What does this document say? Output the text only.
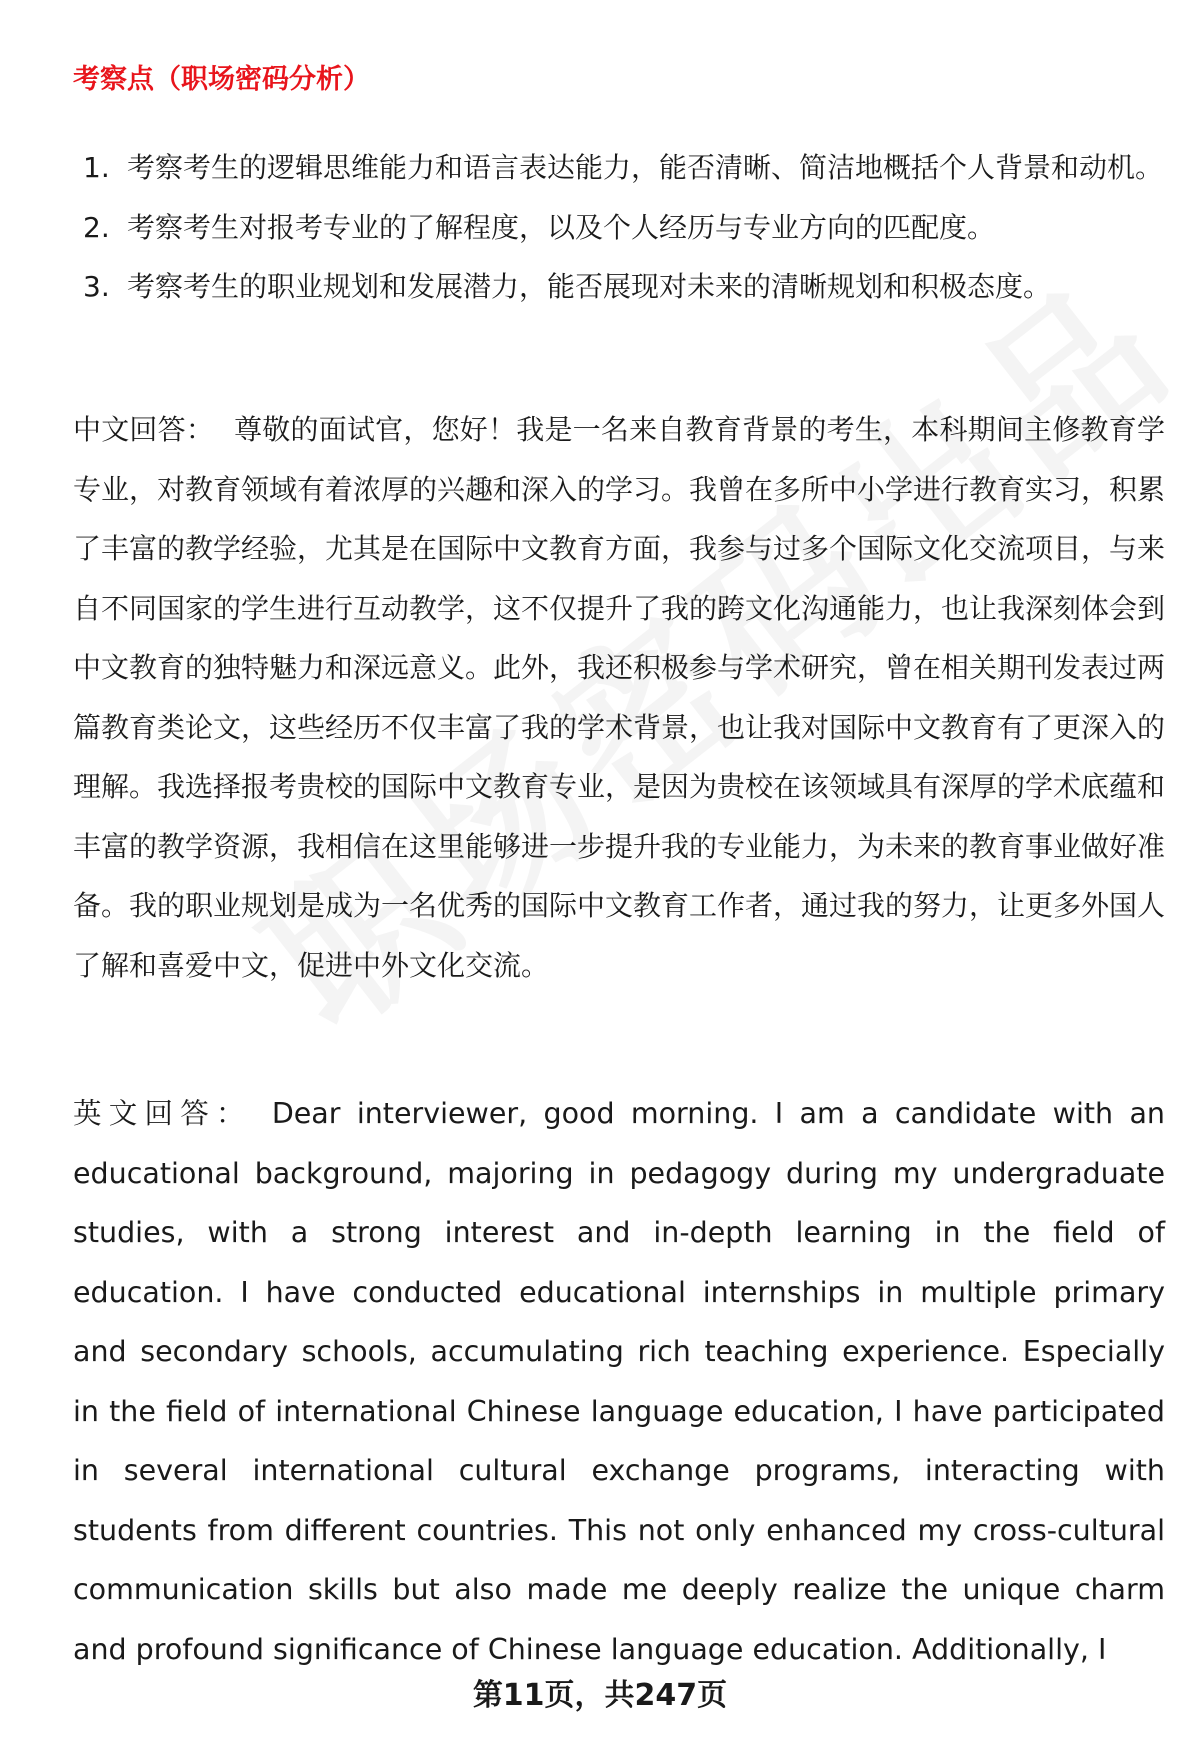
考察点（职场密码分析）
1. 考察考生的逻辑思维能力和语言表达能力，能否清晰、简洁地概括个人背景和动机。
2. 考察考生对报考专业的了解程度，以及个人经历与专业方向的匹配度。
3. 考察考生的职业规划和发展潜力，能否展现对未来的清晰规划和积极态度。

中文回答： 尊敬的面试官，您好！我是一名来自教育背景的考生，本科期间主修教育学专业，对教育领域有着浓厚的兴趣和深入的学习。我曾在多所中小学进行教育实习，积累了丰富的教学经验，尤其是在国际中文教育方面，我参与过多个国际文化交流项目，与来自不同国家的学生进行互动教学，这不仅提升了我的跨文化沟通能力，也让我深刻体会到中文教育的独特魅力和深远意义。此外，我还积极参与学术研究，曾在相关期刊发表过两篇教育类论文，这些经历不仅丰富了我的学术背景，也让我对国际中文教育有了更深入的理解。我选择报考贵校的国际中文教育专业，是因为贵校在该领域具有深厚的学术底蕴和丰富的教学资源，我相信在这里能够进一步提升我的专业能力，为未来的教育事业做好准备。我的职业规划是成为一名优秀的国际中文教育工作者，通过我的努力，让更多外国人了解和喜爱中文，促进中外文化交流。

英文回答： Dear interviewer, good morning. I am a candidate with an educational background, majoring in pedagogy during my undergraduate studies, with a strong interest and in-depth learning in the field of education. I have conducted educational internships in multiple primary and secondary schools, accumulating rich teaching experience. Especially in the field of international Chinese language education, I have participated in several international cultural exchange programs, interacting with students from different countries. This not only enhanced my cross-cultural communication skills but also made me deeply realize the unique charm and profound significance of Chinese language education. Additionally, I

第11页，共247页
